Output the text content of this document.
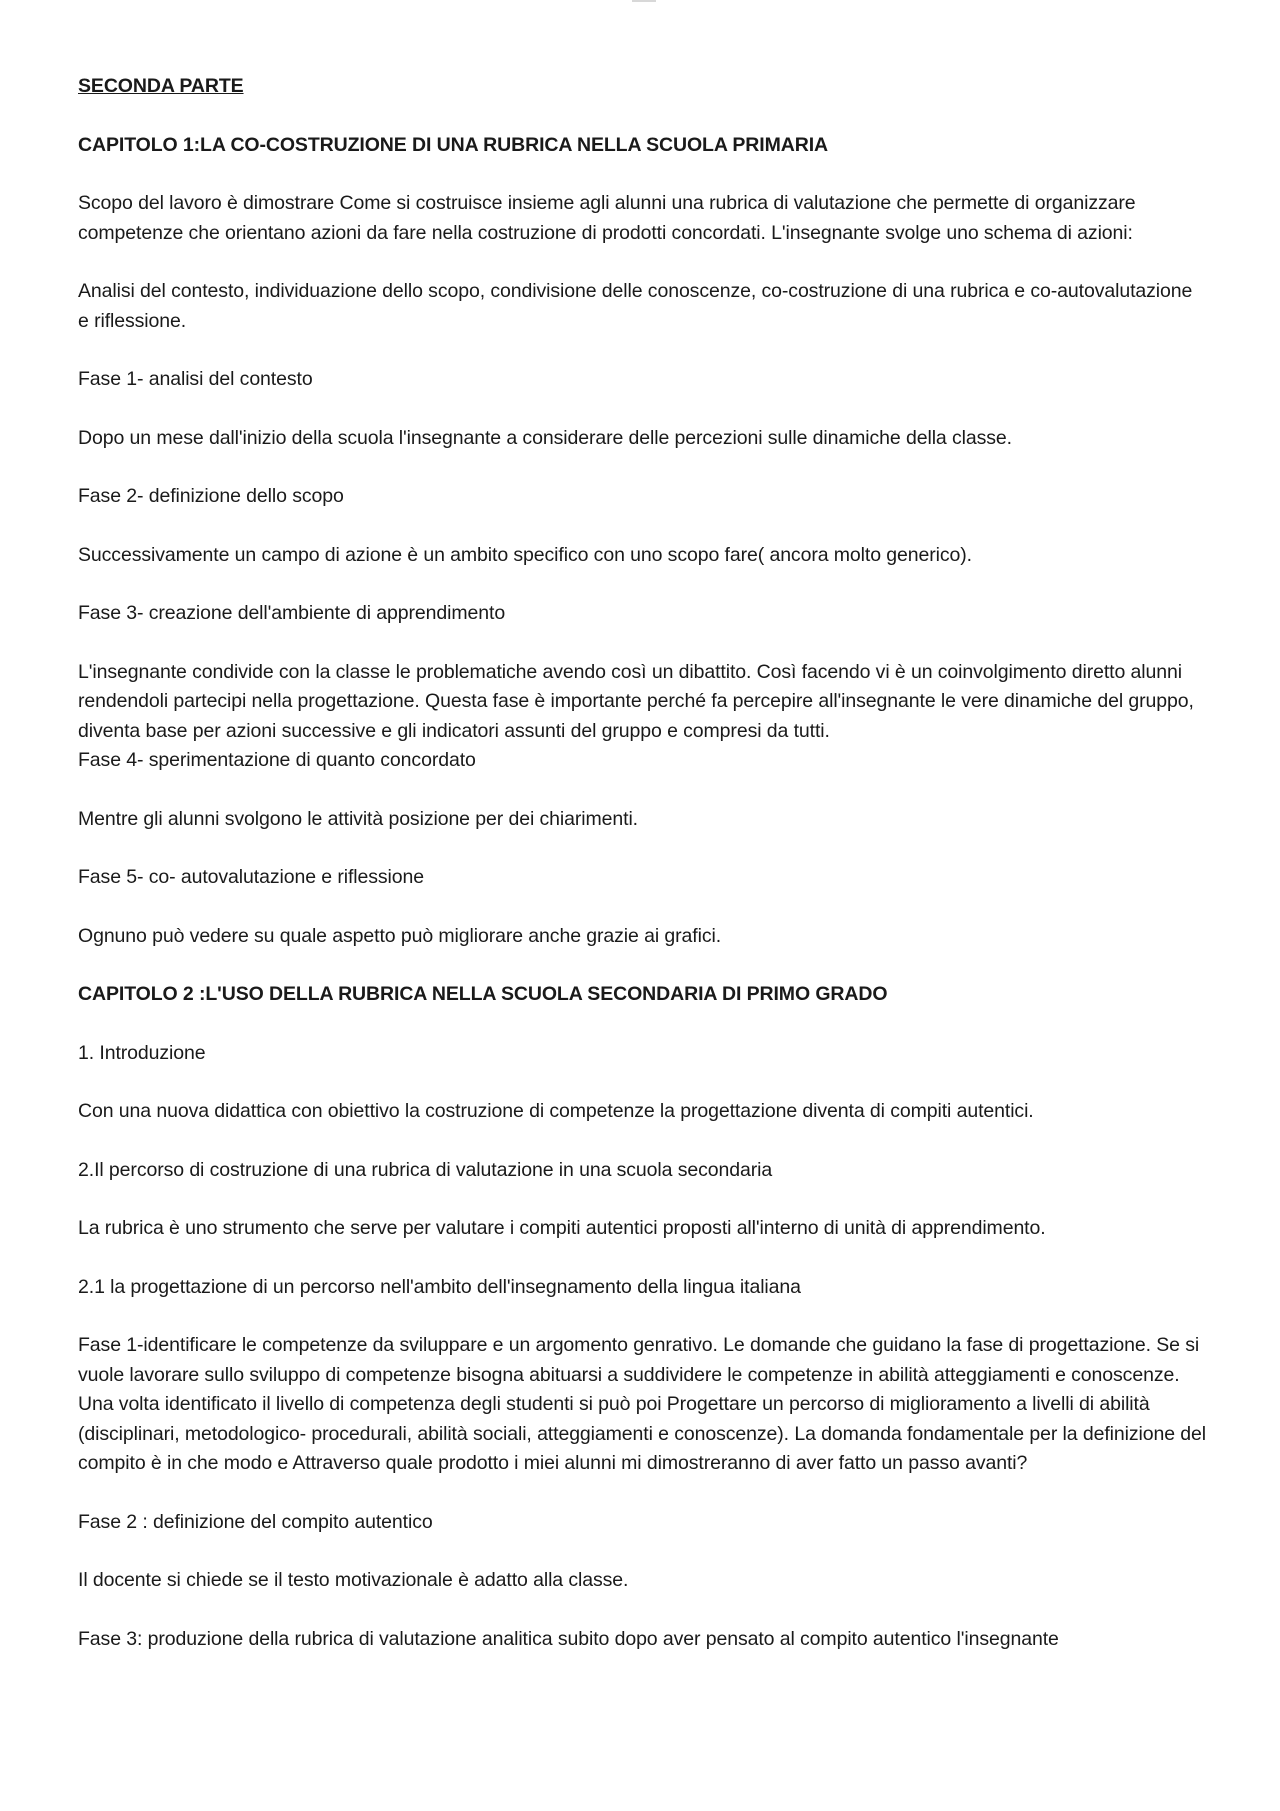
SECONDA PARTE

CAPITOLO 1:LA CO-COSTRUZIONE DI UNA RUBRICA NELLA SCUOLA PRIMARIA

Scopo del lavoro è dimostrare Come si costruisce insieme agli alunni una rubrica di valutazione che permette di organizzare competenze che orientano azioni da fare nella costruzione di prodotti concordati. L'insegnante svolge uno schema di azioni:

Analisi del contesto, individuazione dello scopo, condivisione delle conoscenze, co-costruzione di una rubrica e co-autovalutazione e riflessione.

Fase 1- analisi del contesto

Dopo un mese dall'inizio della scuola l'insegnante a considerare delle percezioni sulle dinamiche della classe.

Fase 2- definizione dello scopo

Successivamente un campo di azione è un ambito specifico con uno scopo fare( ancora molto generico).

Fase 3- creazione dell'ambiente di apprendimento

L'insegnante condivide con la classe le problematiche avendo così un dibattito. Così facendo vi è un coinvolgimento diretto alunni rendendoli partecipi nella progettazione. Questa fase è importante perché fa percepire all'insegnante le vere dinamiche del gruppo, diventa base per azioni successive e gli indicatori assunti del gruppo e compresi da tutti.

Fase 4- sperimentazione di quanto concordato

Mentre gli alunni svolgono le attività posizione per dei chiarimenti.

Fase 5- co- autovalutazione e riflessione

Ognuno può vedere su quale aspetto può migliorare anche grazie ai grafici.

CAPITOLO 2 :L'USO DELLA RUBRICA NELLA SCUOLA SECONDARIA DI PRIMO GRADO

1. Introduzione

Con una nuova didattica con obiettivo la costruzione di competenze la progettazione diventa di compiti autentici.

2.Il percorso di costruzione di una rubrica di valutazione in una scuola secondaria

La rubrica è uno strumento che serve per valutare i compiti autentici proposti all'interno di unità di apprendimento.

2.1 la progettazione di un percorso nell'ambito dell'insegnamento della lingua italiana

Fase 1-identificare le competenze da sviluppare e un argomento genrativo. Le domande che guidano la fase di progettazione. Se si vuole lavorare sullo sviluppo di competenze bisogna abituarsi a suddividere le competenze in abilità atteggiamenti e conoscenze. Una volta identificato il livello di competenza degli studenti si può poi Progettare un percorso di miglioramento a livelli di abilità (disciplinari, metodologico- procedurali, abilità sociali, atteggiamenti e conoscenze). La domanda fondamentale per la definizione del compito è in che modo e Attraverso quale prodotto i miei alunni mi dimostreranno di aver fatto un passo avanti?

Fase 2 : definizione del compito autentico

Il docente si chiede se il testo motivazionale è adatto alla classe.

Fase 3: produzione della rubrica di valutazione analitica subito dopo aver pensato al compito autentico l'insegnante
